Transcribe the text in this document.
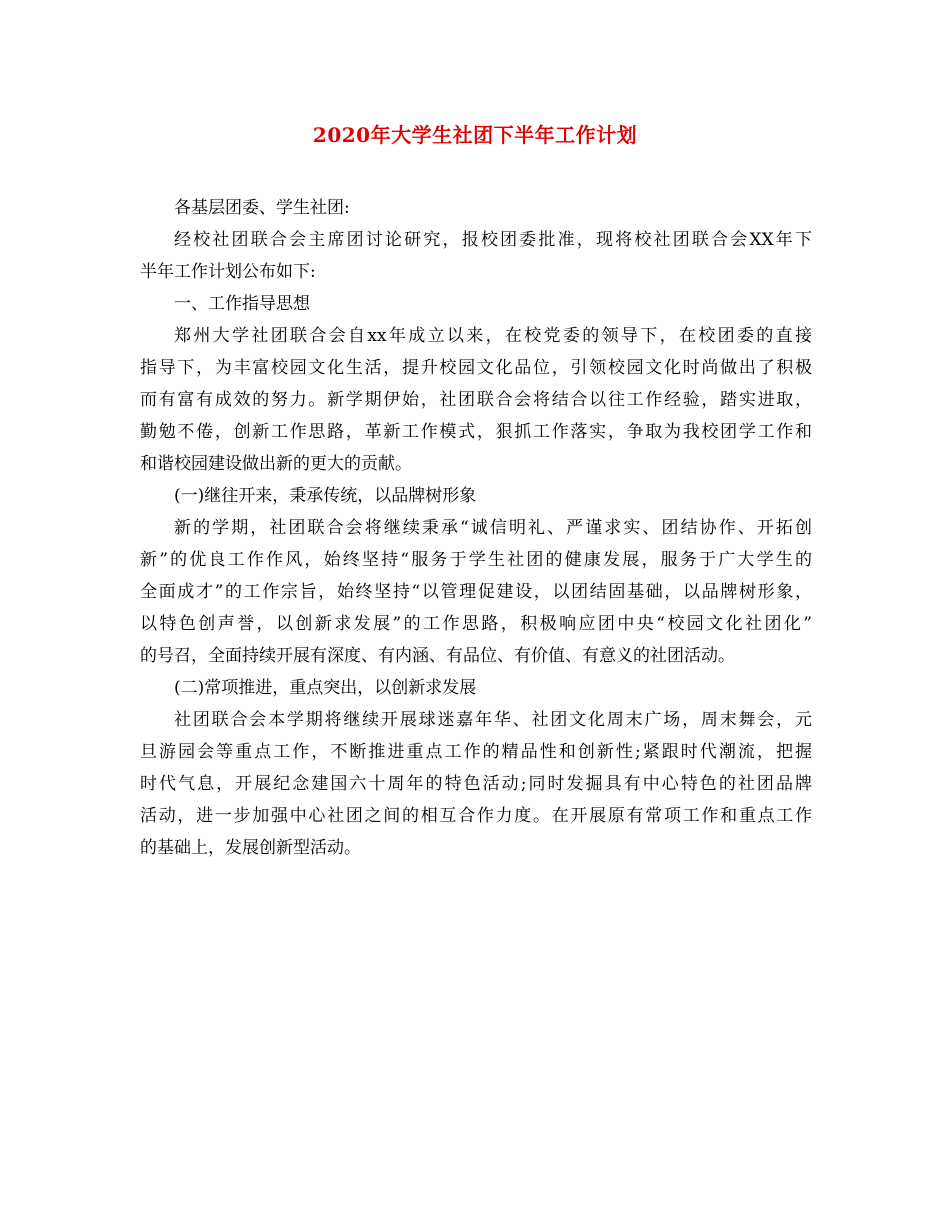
2020年大学生社团下半年工作计划
各基层团委、学生社团:
经校社团联合会主席团讨论研究，报校团委批准，现将校社团联合会XX年下
半年工作计划公布如下:
一、工作指导思想
郑州大学社团联合会自xx年成立以来，在校党委的领导下，在校团委的直接
指导下，为丰富校园文化生活，提升校园文化品位，引领校园文化时尚做出了积极
而有富有成效的努力。新学期伊始，社团联合会将结合以往工作经验，踏实进取，
勤勉不倦，创新工作思路，革新工作模式，狠抓工作落实，争取为我校团学工作和
和谐校园建设做出新的更大的贡献。
(一)继往开来，秉承传统，以品牌树形象
新的学期，社团联合会将继续秉承“诚信明礼、严谨求实、团结协作、开拓创
新”的优良工作作风，始终坚持“服务于学生社团的健康发展，服务于广大学生的
全面成才”的工作宗旨，始终坚持“以管理促建设，以团结固基础，以品牌树形象，
以特色创声誉，以创新求发展”的工作思路，积极响应团中央“校园文化社团化”
的号召，全面持续开展有深度、有内涵、有品位、有价值、有意义的社团活动。
(二)常项推进，重点突出，以创新求发展
社团联合会本学期将继续开展球迷嘉年华、社团文化周末广场，周末舞会，元
旦游园会等重点工作，不断推进重点工作的精品性和创新性;紧跟时代潮流，把握
时代气息，开展纪念建国六十周年的特色活动;同时发掘具有中心特色的社团品牌
活动，进一步加强中心社团之间的相互合作力度。在开展原有常项工作和重点工作
的基础上，发展创新型活动。
